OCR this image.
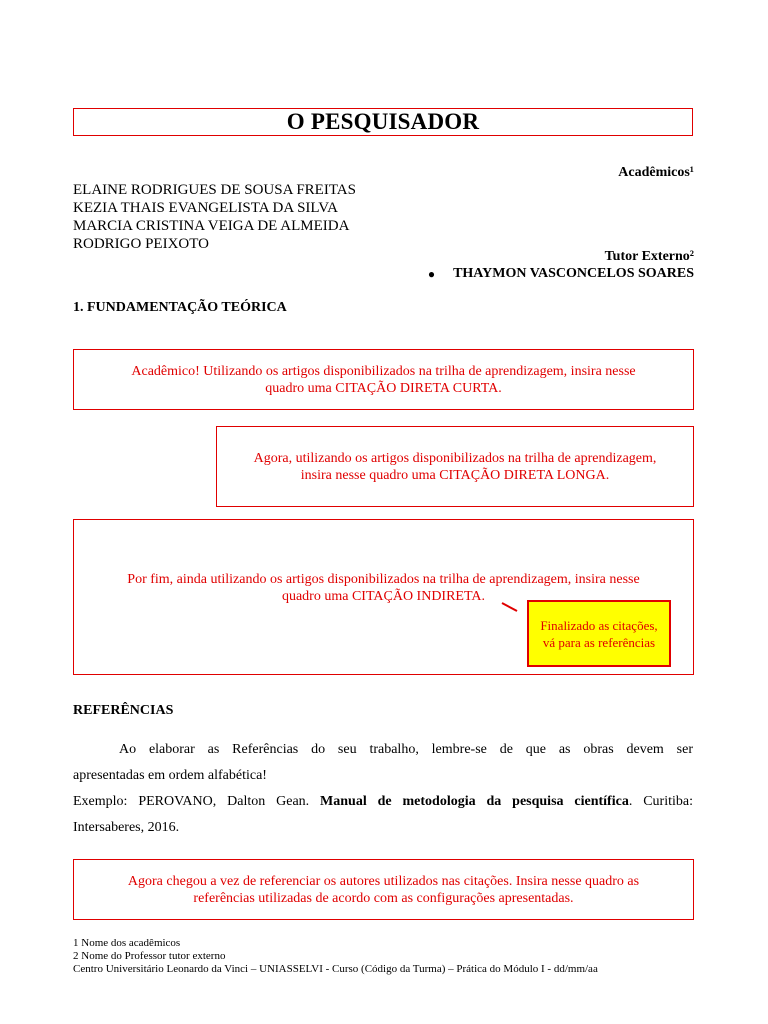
O PESQUISADOR
Acadêmicos¹
ELAINE RODRIGUES DE SOUSA FREITAS
KEZIA THAIS EVANGELISTA DA SILVA
MARCIA CRISTINA VEIGA DE ALMEIDA
RODRIGO PEIXOTO
Tutor Externo²
● THAYMON VASCONCELOS SOARES
1. FUNDAMENTAÇÃO TEÓRICA
Acadêmico! Utilizando os artigos disponibilizados na trilha de aprendizagem, insira nesse
quadro uma CITAÇÃO DIRETA CURTA.
Agora, utilizando os artigos disponibilizados na trilha de aprendizagem,
insira nesse quadro uma CITAÇÃO DIRETA LONGA.
Por fim, ainda utilizando os artigos disponibilizados na trilha de aprendizagem, insira nesse
quadro uma CITAÇÃO INDIRETA.
Finalizado as citações, vá para as referências
REFERÊNCIAS
Ao elaborar as Referências do seu trabalho, lembre-se de que as obras devem ser
apresentadas em ordem alfabética!
Exemplo: PEROVANO, Dalton Gean. Manual de metodologia da pesquisa científica. Curitiba: Intersaberes, 2016.
Agora chegou a vez de referenciar os autores utilizados nas citações. Insira nesse quadro as
referências utilizadas de acordo com as configurações apresentadas.
1 Nome dos acadêmicos
2 Nome do Professor tutor externo
Centro Universitário Leonardo da Vinci – UNIASSELVI - Curso (Código da Turma) – Prática do Módulo I - dd/mm/aa
